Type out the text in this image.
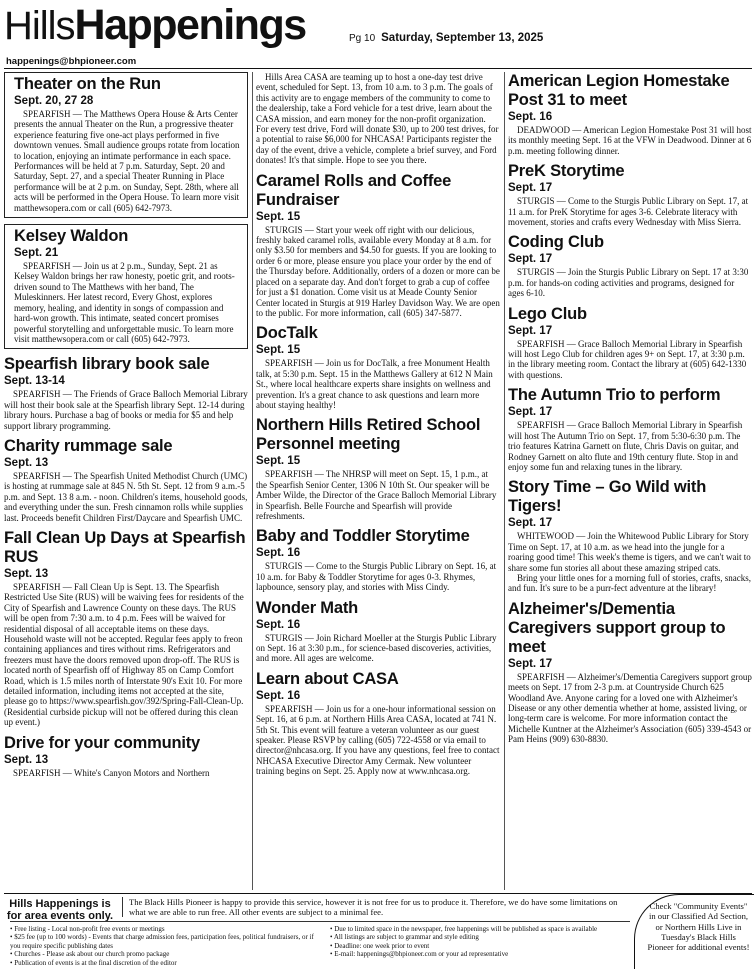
HillsHappenings	Pg 10 Saturday, September 13, 2025
happenings@bhpioneer.com
Theater on the Run
Sept. 20, 27 28

SPEARFISH — The Matthews Opera House & Arts Center presents the annual Theater on the Run, a progressive theater experience featuring five one-act plays performed in five downtown venues. Small audience groups rotate from location to location, enjoying an intimate performance in each space. Performances will be held at 7 p.m. Saturday, Sept. 20 and Saturday, Sept. 27, and a special Theater Running in Place performance will be at 2 p.m. on Sunday, Sept. 28th, where all acts will be performed in the Opera House. To learn more visit matthewsopera.com or call (605) 642-7973.

Kelsey Waldon
Sept. 21

SPEARFISH — Join us at 2 p.m., Sunday, Sept. 21 as Kelsey Waldon brings her raw honesty, poetic grit, and roots-driven sound to The Matthews with her band, The Muleskinners. Her latest record, Every Ghost, explores memory, healing, and identity in songs of compassion and hard-won growth. This intimate, seated concert promises powerful storytelling and unforgettable music. To learn more visit matthewsopera.com or call (605) 642-7973.

Spearfish library book sale
Sept. 13-14

SPEARFISH — The Friends of Grace Balloch Memorial Library will host their book sale at the Spearfish library Sept. 12-14 during library hours. Purchase a bag of books or media for $5 and help support library programming.

Charity rummage sale
Sept. 13

SPEARFISH — The Spearfish United Methodist Church (UMC) is hosting at rummage sale at 845 N. 5th St. Sept. 12 from 9 a.m.-5 p.m. and Sept. 13 8 a.m. - noon. Children's items, household goods, and everything under the sun. Fresh cinnamon rolls while supplies last. Proceeds benefit Children First/Daycare and Spearfish UMC.

Fall Clean Up Days at Spearfish RUS
Sept. 13

SPEARFISH — Fall Clean Up is Sept. 13. The Spearfish Restricted Use Site (RUS) will be waiving fees for residents of the City of Spearfish and Lawrence County on these days. The RUS will be open from 7:30 a.m. to 4 p.m. Fees will be waived for residential disposal of all acceptable items on these days. Household waste will not be accepted. Regular fees apply to freon containing appliances and tires without rims. Refrigerators and freezers must have the doors removed upon drop-off. The RUS is located north of Spearfish off of Highway 85 on Camp Comfort Road, which is 1.5 miles north of Interstate 90's Exit 10. For more detailed information, including items not accepted at the site, please go to https://www.spearfish.gov/392/Spring-Fall-Clean-Up. (Residential curbside pickup will not be offered during this clean up event.)

Drive for your community
Sept. 13

SPEARFISH — White's Canyon Motors and Northern

Hills Area CASA are teaming up to host a one-day test drive event, scheduled for Sept. 13, from 10 a.m. to 3 p.m. The goals of this activity are to engage members of the community to come to the dealership, take a Ford vehicle for a test drive, learn about the CASA mission, and earn money for the non-profit organization. For every test drive, Ford will donate $30, up to 200 test drives, for a potential to raise $6,000 for NHCASA! Participants register the day of the event, drive a vehicle, complete a brief survey, and Ford donates! It's that simple. Hope to see you there.

Caramel Rolls and Coffee Fundraiser
Sept. 15

STURGIS — Start your week off right with our delicious, freshly baked caramel rolls, available every Monday at 8 a.m. for only $3.50 for members and $4.50 for guests. If you are looking to order 6 or more, please ensure you place your order by the end of the Thursday before. Additionally, orders of a dozen or more can be placed on a separate day. And don't forget to grab a cup of coffee for just a $1 donation. Come visit us at Meade County Senior Center located in Sturgis at 919 Harley Davidson Way. We are open to the public. For more information, call (605) 347-5877.

DocTalk
Sept. 15

SPEARFISH — Join us for DocTalk, a free Monument Health talk, at 5:30 p.m. Sept. 15 in the Matthews Gallery at 612 N Main St., where local healthcare experts share insights on wellness and prevention. It's a great chance to ask questions and learn more about staying healthy!

Northern Hills Retired School Personnel meeting
Sept. 15

SPEARFISH — The NHRSP will meet on Sept. 15, 1 p.m., at the Spearfish Senior Center, 1306 N 10th St. Our speaker will be Amber Wilde, the Director of the Grace Balloch Memorial Library in Spearfish. Belle Fourche and Spearfish will provide refreshments.

Baby and Toddler Storytime
Sept. 16

STURGIS — Come to the Sturgis Public Library on Sept. 16, at 10 a.m. for Baby & Toddler Storytime for ages 0-3. Rhymes, lapbounce, sensory play, and stories with Miss Cindy.

Wonder Math
Sept. 16

STURGIS — Join Richard Moeller at the Sturgis Public Library on Sept. 16 at 3:30 p.m., for science-based discoveries, activities, and more. All ages are welcome.

Learn about CASA
Sept. 16

SPEARFISH — Join us for a one-hour informational session on Sept. 16, at 6 p.m. at Northern Hills Area CASA, located at 741 N. 5th St. This event will feature a veteran volunteer as our guest speaker. Please RSVP by calling (605) 722-4558 or via email to director@nhcasa.org. If you have any questions, feel free to contact NHCASA Executive Director Amy Cermak. New volunteer training begins on Sept. 25. Apply now at www.nhcasa.org.

American Legion Homestake Post 31 to meet
Sept. 16

DEADWOOD — American Legion Homestake Post 31 will host its monthly meeting Sept. 16 at the VFW in Deadwood. Dinner at 6 p.m. meeting following dinner.

PreK Storytime
Sept. 17

STURGIS — Come to the Sturgis Public Library on Sept. 17, at 11 a.m. for PreK Storytime for ages 3-6. Celebrate literacy with movement, stories and crafts every Wednesday with Miss Sierra.

Coding Club
Sept. 17

STURGIS — Join the Sturgis Public Library on Sept. 17 at 3:30 p.m. for hands-on coding activities and programs, designed for ages 6-10.

Lego Club
Sept. 17

SPEARFISH — Grace Balloch Memorial Library in Spearfish will host Lego Club for children ages 9+ on Sept. 17, at 3:30 p.m. in the library meeting room. Contact the library at (605) 642-1330 with questions.

The Autumn Trio to perform
Sept. 17

SPEARFISH — Grace Balloch Memorial Library in Spearfish will host The Autumn Trio on Sept. 17, from 5:30-6:30 p.m. The trio features Katrina Garnett on flute, Chris Davis on guitar, and Rodney Garnett on alto flute and 19th century flute. Stop in and enjoy some fun and relaxing tunes in the library.

Story Time – Go Wild with Tigers!
Sept. 17

WHITEWOOD — Join the Whitewood Public Library for Story Time on Sept. 17, at 10 a.m. as we head into the jungle for a roaring good time! This week's theme is tigers, and we can't wait to share some fun stories all about these amazing striped cats.

Bring your little ones for a morning full of stories, crafts, snacks, and fun. It's sure to be a purr-fect adventure at the library!

Alzheimer's/Dementia Caregivers support group to meet
Sept. 17

SPEARFISH — Alzheimer's/Dementia Caregivers support group meets on Sept. 17 from 2-3 p.m. at Countryside Church 625 Woodland Ave. Anyone caring for a loved one with Alzheimer's Disease or any other dementia whether at home, assisted living, or long-term care is welcome. For more information contact the Michelle Kuntner at the Alzheimer's Association (605) 339-4543 or Pam Heins (909) 630-8830.

Hills Happenings is
for area events only.
The Black Hills Pioneer is happy to provide this service, however it is not free for us to produce it. Therefore, we do have some limitations on what we are able to run free. All other events are subject to a minimal fee.
• Free listing - Local non-profit free events or meetings
• $25 fee (up to 100 words) - Events that charge admission fees, participation fees, political fundraisers, or if you require specific publishing dates
• Churches - Please ask about our church promo package
• Publication of events is at the final discretion of the editor
• Due to limited space in the newspaper, free happenings will be published as space is available
• All listings are subject to grammar and style editing
• Deadline: one week prior to event
• E-mail: happenings@bhpioneer.com or your ad representative
Check "Community Events" in our Classified Ad Section, or Northern Hills Live in Tuesday's Black Hills Pioneer for additional events!
